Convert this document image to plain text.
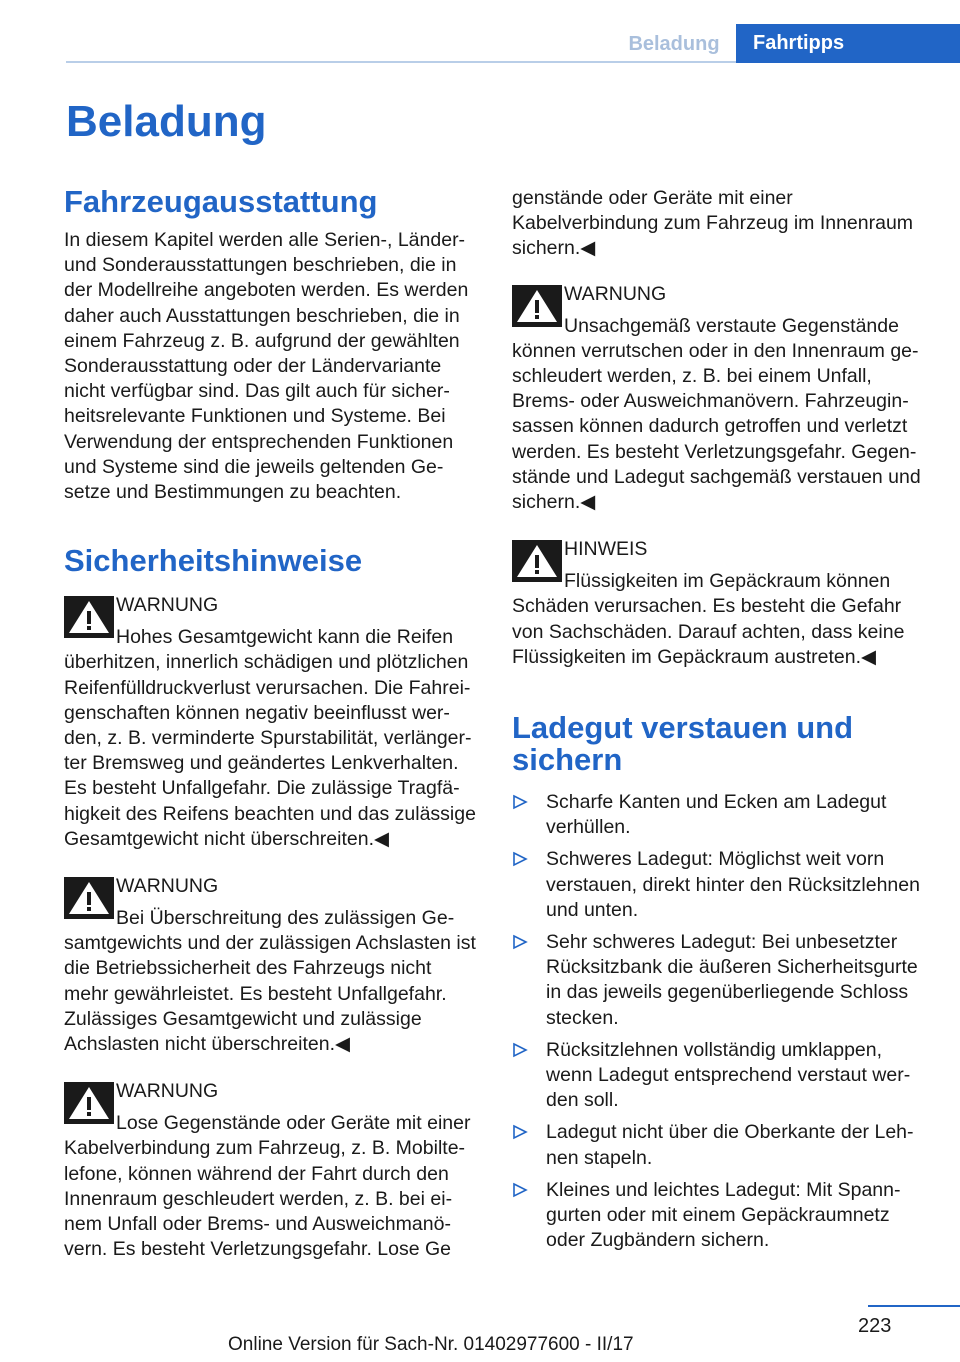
Beladung	Fahrtipps
Beladung
Fahrzeugausstattung

In diesem Kapitel werden alle Serien-, Länder- und Sonderausstattungen beschrieben, die in der Modellreihe angeboten werden. Es werden daher auch Ausstattungen beschrieben, die in einem Fahrzeug z. B. aufgrund der gewählten Sonderausstattung oder der Ländervariante nicht verfügbar sind. Das gilt auch für sicherheitsrelevante Funktionen und Systeme. Bei Verwendung der entsprechenden Funktionen und Systeme sind die jeweils geltenden Gesetze und Bestimmungen zu beachten.

Sicherheitshinweise
WARNUNG

Hohes Gesamtgewicht kann die Reifen überhitzen, innerlich schädigen und plötzlichen Reifenfülldruckverlust verursachen. Die Fahreigenschaften können negativ beeinflusst werden, z. B. verminderte Spurstabilität, verlängerter Bremsweg und geändertes Lenkverhalten. Es besteht Unfallgefahr. Die zulässige Tragfähigkeit des Reifens beachten und das zulässige Gesamtgewicht nicht überschreiten.◀

WARNUNG

Bei Überschreitung des zulässigen Gesamtgewichts und der zulässigen Achslasten ist die Betriebssicherheit des Fahrzeugs nicht mehr gewährleistet. Es besteht Unfallgefahr. Zulässiges Gesamtgewicht und zulässige Achslasten nicht überschreiten.◀

WARNUNG

Lose Gegenstände oder Geräte mit einer Kabelverbindung zum Fahrzeug, z. B. Mobiltelefone, können während der Fahrt durch den Innenraum geschleudert werden, z. B. bei einem Unfall oder Brems- und Ausweichmanövern. Es besteht Verletzungsgefahr. Lose Ge

genstände oder Geräte mit einer Kabelverbindung zum Fahrzeug im Innenraum sichern.◀

WARNUNG

Unsachgemäß verstaute Gegenstände können verrutschen oder in den Innenraum geschleudert werden, z. B. bei einem Unfall, Brems- oder Ausweichmanövern. Fahrzeuginsassen können dadurch getroffen und verletzt werden. Es besteht Verletzungsgefahr. Gegenstände und Ladegut sachgemäß verstauen und sichern.◀

HINWEIS

Flüssigkeiten im Gepäckraum können Schäden verursachen. Es besteht die Gefahr von Sachschäden. Darauf achten, dass keine Flüssigkeiten im Gepäckraum austreten.◀

Ladegut verstauen und sichern
Scharfe Kanten und Ecken am Ladegut verhüllen.
Schweres Ladegut: Möglichst weit vorn verstauen, direkt hinter den Rücksitzlehnen und unten.
Sehr schweres Ladegut: Bei unbesetzter Rücksitzbank die äußeren Sicherheitsgurte in das jeweils gegenüberliegende Schloss stecken.
Rücksitzlehnen vollständig umklappen, wenn Ladegut entsprechend verstaut werden soll.
Ladegut nicht über die Oberkante der Lehnen stapeln.
Kleines und leichtes Ladegut: Mit Spanngurten oder mit einem Gepäckraumnetz oder Zugbändern sichern.
223
Online Version für Sach-Nr. 01402977600 - II/17
